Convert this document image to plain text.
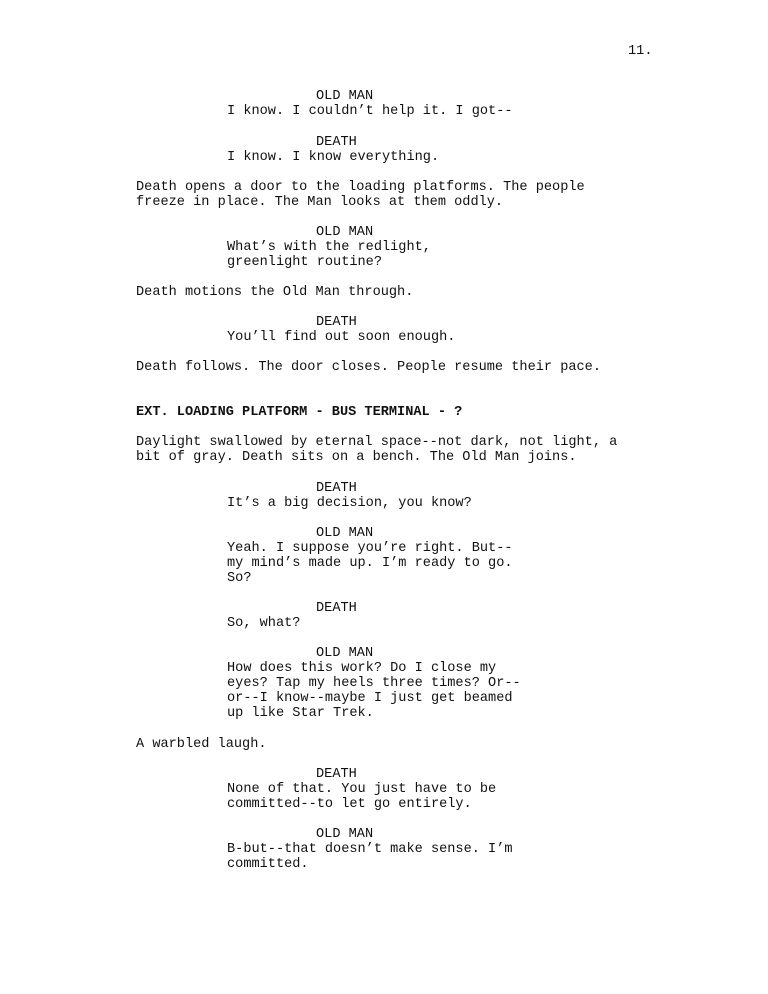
11.
OLD MAN
I know. I couldn’t help it. I got--
DEATH
I know. I know everything.
Death opens a door to the loading platforms. The people
freeze in place. The Man looks at them oddly.
OLD MAN
What’s with the redlight,
greenlight routine?
Death motions the Old Man through.
DEATH
You’ll find out soon enough.
Death follows. The door closes. People resume their pace.
EXT. LOADING PLATFORM - BUS TERMINAL - ?
Daylight swallowed by eternal space--not dark, not light, a
bit of gray. Death sits on a bench. The Old Man joins.
DEATH
It’s a big decision, you know?
OLD MAN
Yeah. I suppose you’re right. But--
my mind’s made up. I’m ready to go.
So?
DEATH
So, what?
OLD MAN
How does this work? Do I close my
eyes? Tap my heels three times? Or--
or--I know--maybe I just get beamed
up like Star Trek.
A warbled laugh.
DEATH
None of that. You just have to be
committed--to let go entirely.
OLD MAN
B-but--that doesn’t make sense. I’m
committed.
